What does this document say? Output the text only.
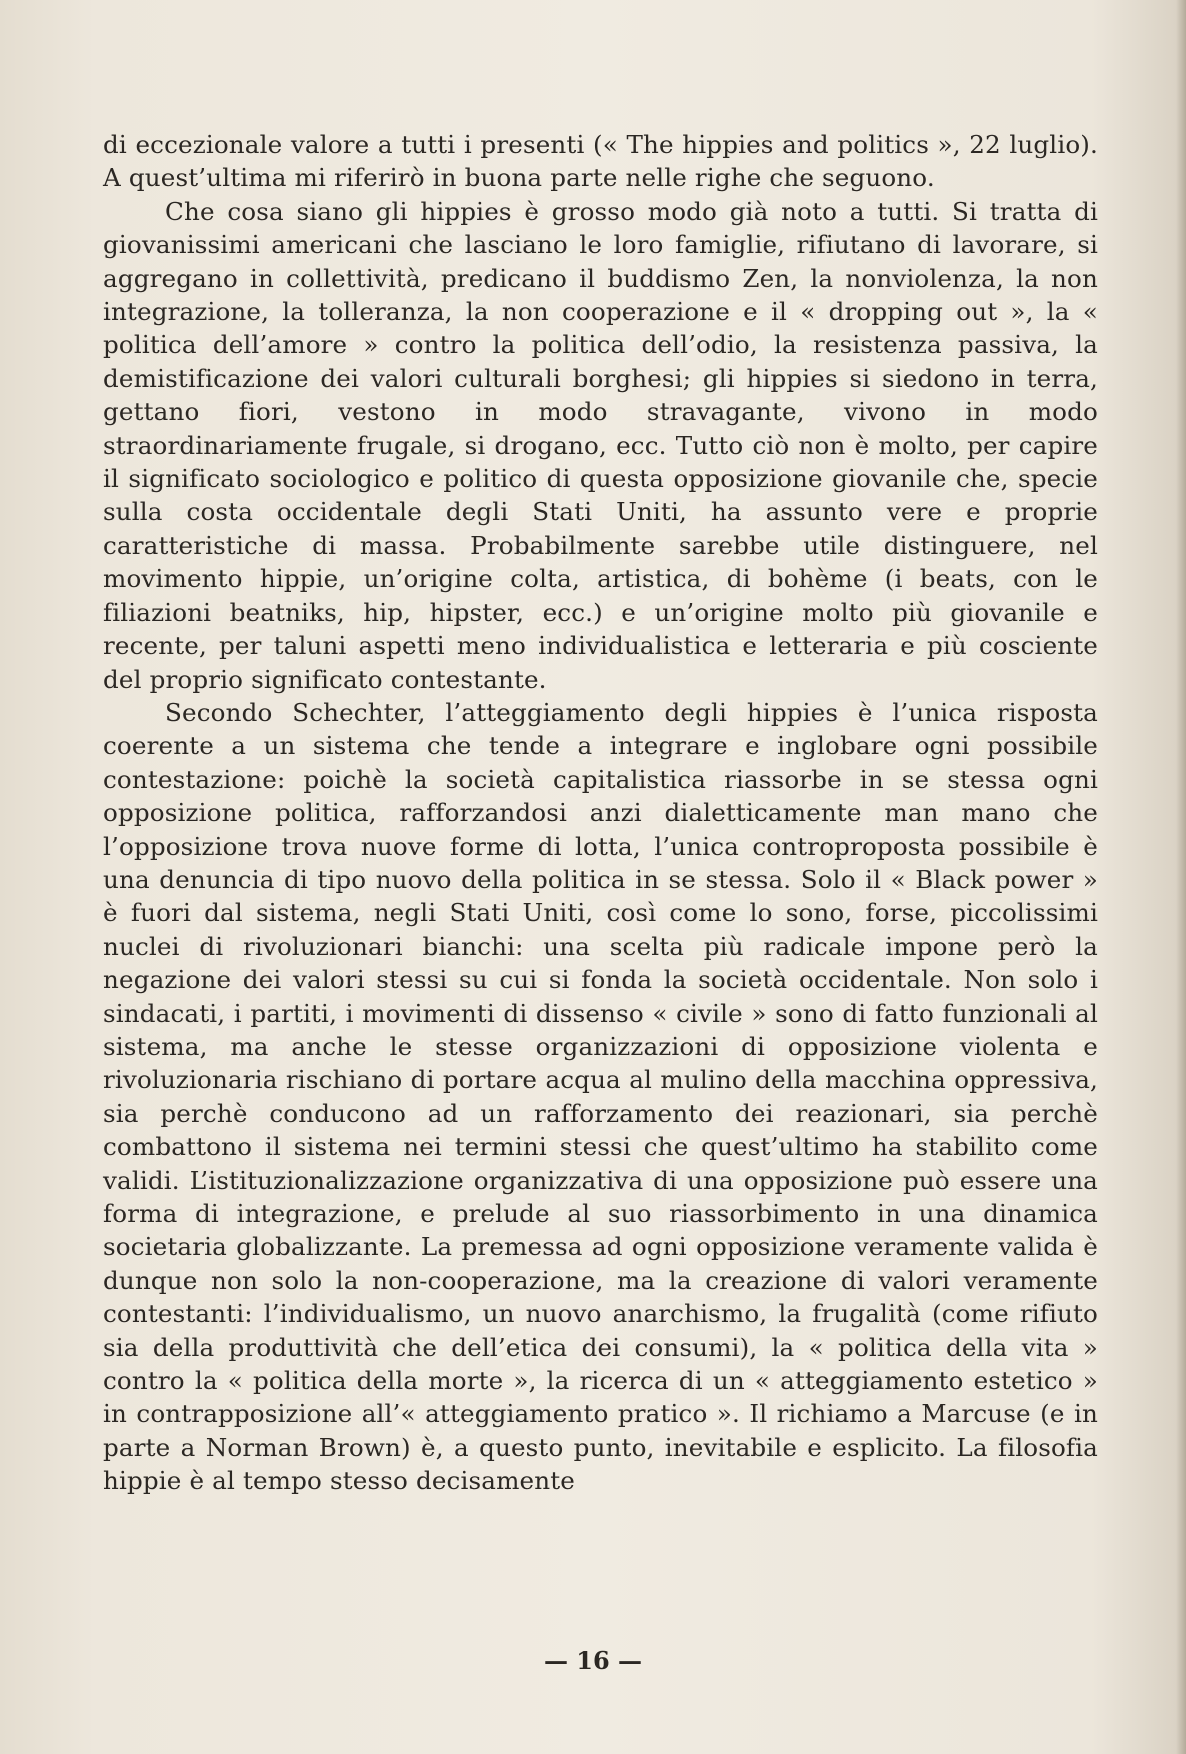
di eccezionale valore a tutti i presenti (« The hippies and politics », 22 luglio). A quest’ultima mi riferirò in buona parte nelle righe che seguono.

Che cosa siano gli hippies è grosso modo già noto a tutti. Si tratta di giovanissimi americani che lasciano le loro famiglie, rifiutano di lavorare, si aggregano in collettività, predicano il buddismo Zen, la nonviolenza, la non integrazione, la tolleranza, la non cooperazione e il « dropping out », la « politica dell’amore » contro la politica dell’odio, la resistenza passiva, la demistificazione dei valori culturali borghesi; gli hippies si siedono in terra, gettano fiori, vestono in modo stravagante, vivono in modo straordinariamente frugale, si drogano, ecc. Tutto ciò non è molto, per capire il significato sociologico e politico di questa opposizione giovanile che, specie sulla costa occidentale degli Stati Uniti, ha assunto vere e proprie caratteristiche di massa. Probabilmente sarebbe utile distinguere, nel movimento hippie, un’origine colta, artistica, di bohème (i beats, con le filiazioni beatniks, hip, hipster, ecc.) e un’origine molto più giovanile e recente, per taluni aspetti meno individualistica e letteraria e più cosciente del proprio significato contestante.

Secondo Schechter, l’atteggiamento degli hippies è l’unica risposta coerente a un sistema che tende a integrare e inglobare ogni possibile contestazione: poichè la società capitalistica riassorbe in se stessa ogni opposizione politica, rafforzandosi anzi dialetticamente man mano che l’opposizione trova nuove forme di lotta, l’unica controproposta possibile è una denuncia di tipo nuovo della politica in se stessa. Solo il « Black power » è fuori dal sistema, negli Stati Uniti, così come lo sono, forse, piccolissimi nuclei di rivoluzionari bianchi: una scelta più radicale impone però la negazione dei valori stessi su cui si fonda la società occidentale. Non solo i sindacati, i partiti, i movimenti di dissenso « civile » sono di fatto funzionali al sistema, ma anche le stesse organizzazioni di opposizione violenta e rivoluzionaria rischiano di portare acqua al mulino della macchina oppressiva, sia perchè conducono ad un rafforzamento dei reazionari, sia perchè combattono il sistema nei termini stessi che quest’ultimo ha stabilito come validi. L’istituzionalizzazione organizzativa di una opposizione può essere una forma di integrazione, e prelude al suo riassorbimento in una dinamica societaria globalizzante. La premessa ad ogni opposizione veramente valida è dunque non solo la non-cooperazione, ma la creazione di valori veramente contestanti: l’individualismo, un nuovo anarchismo, la frugalità (come rifiuto sia della produttività che dell’etica dei consumi), la « politica della vita » contro la « politica della morte », la ricerca di un « atteggiamento estetico » in contrapposizione all’« atteggiamento pratico ». Il richiamo a Marcuse (e in parte a Norman Brown) è, a questo punto, inevitabile e esplicito. La filosofia hippie è al tempo stesso decisamente

— 16 —
